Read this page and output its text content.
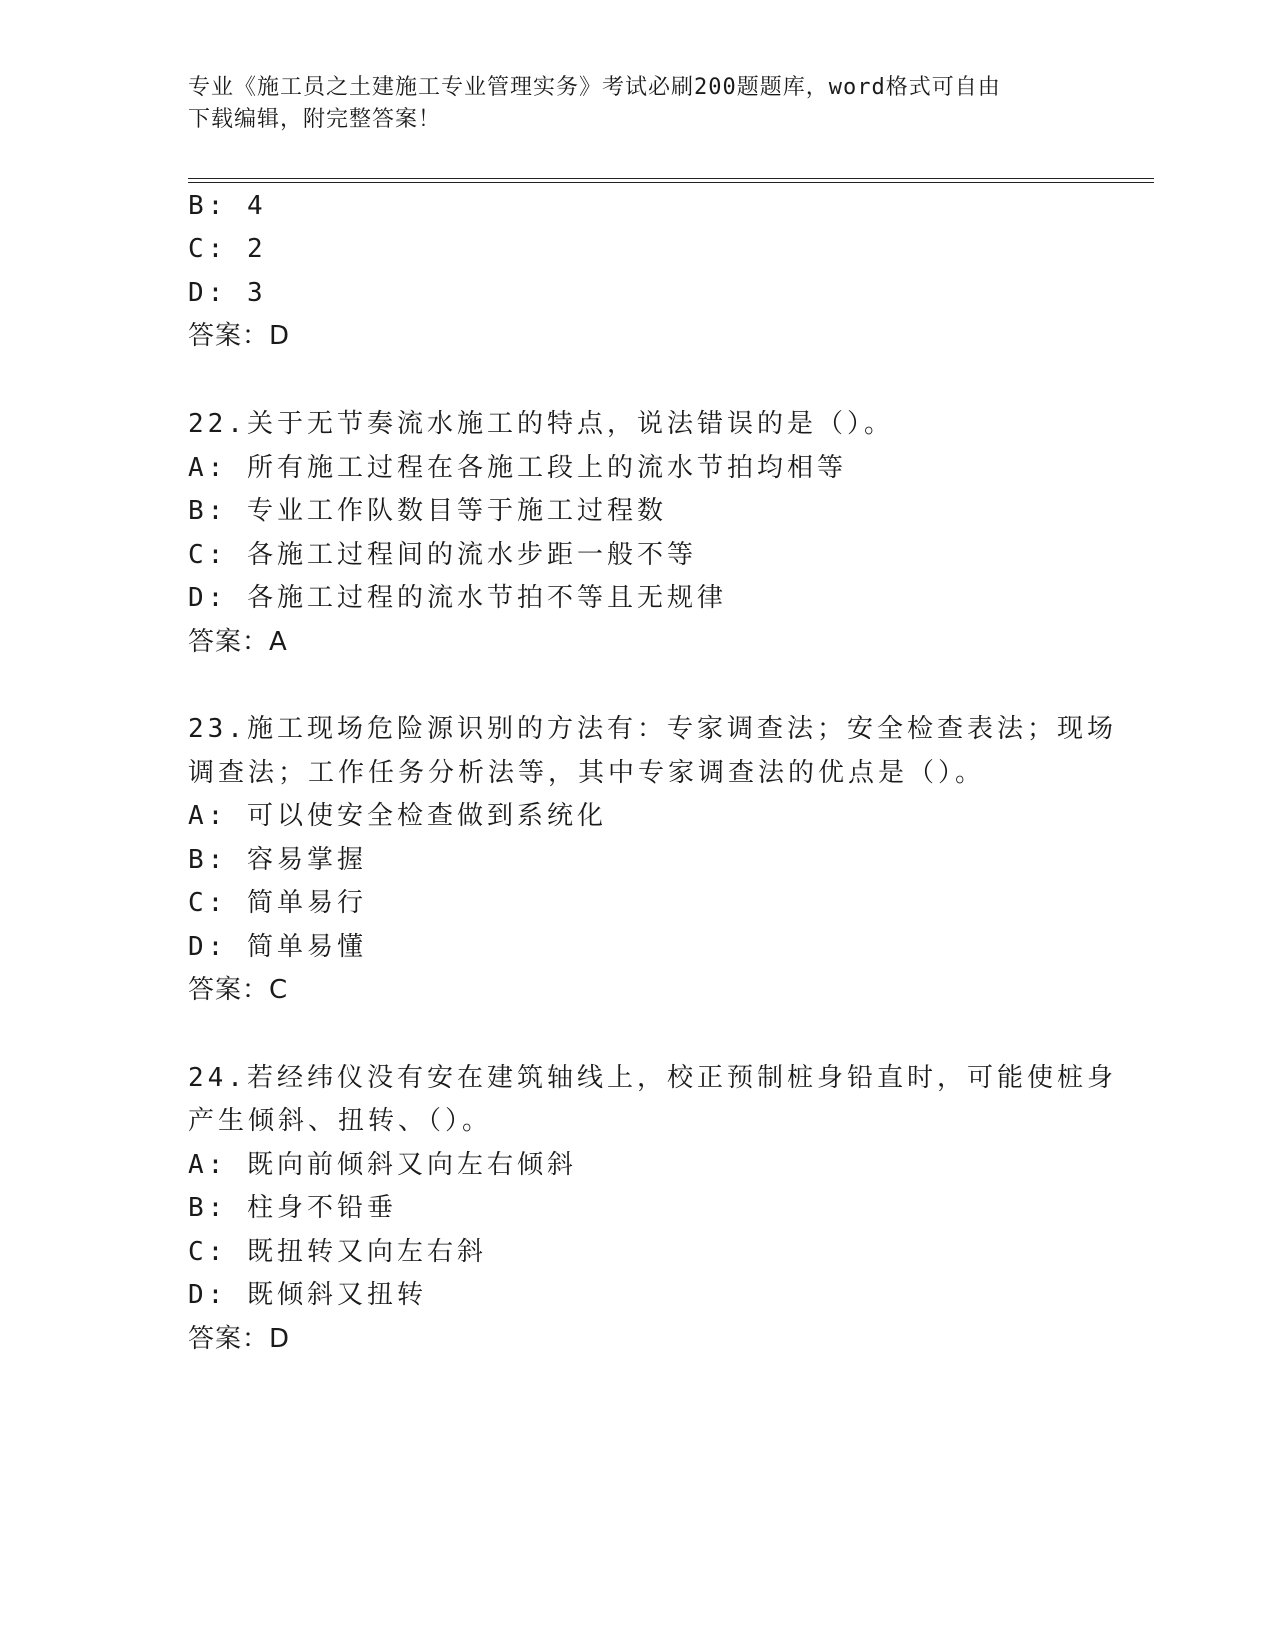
专业《施工员之土建施工专业管理实务》考试必刷200题题库，word格式可自由
下载编辑，附完整答案！

B: 4

C: 2

D: 3

答案：D

22.关于无节奏流水施工的特点，说法错误的是（）。

A: 所有施工过程在各施工段上的流水节拍均相等

B: 专业工作队数目等于施工过程数

C: 各施工过程间的流水步距一般不等

D: 各施工过程的流水节拍不等且无规律

答案：A

23.施工现场危险源识别的方法有：专家调查法；安全检查表法；现场

调查法；工作任务分析法等，其中专家调查法的优点是（）。

A: 可以使安全检查做到系统化

B: 容易掌握

C: 简单易行

D: 简单易懂

答案：C

24.若经纬仪没有安在建筑轴线上，校正预制桩身铅直时，可能使桩身

产生倾斜、扭转、（）。

A: 既向前倾斜又向左右倾斜

B: 柱身不铅垂

C: 既扭转又向左右斜

D: 既倾斜又扭转

答案：D
